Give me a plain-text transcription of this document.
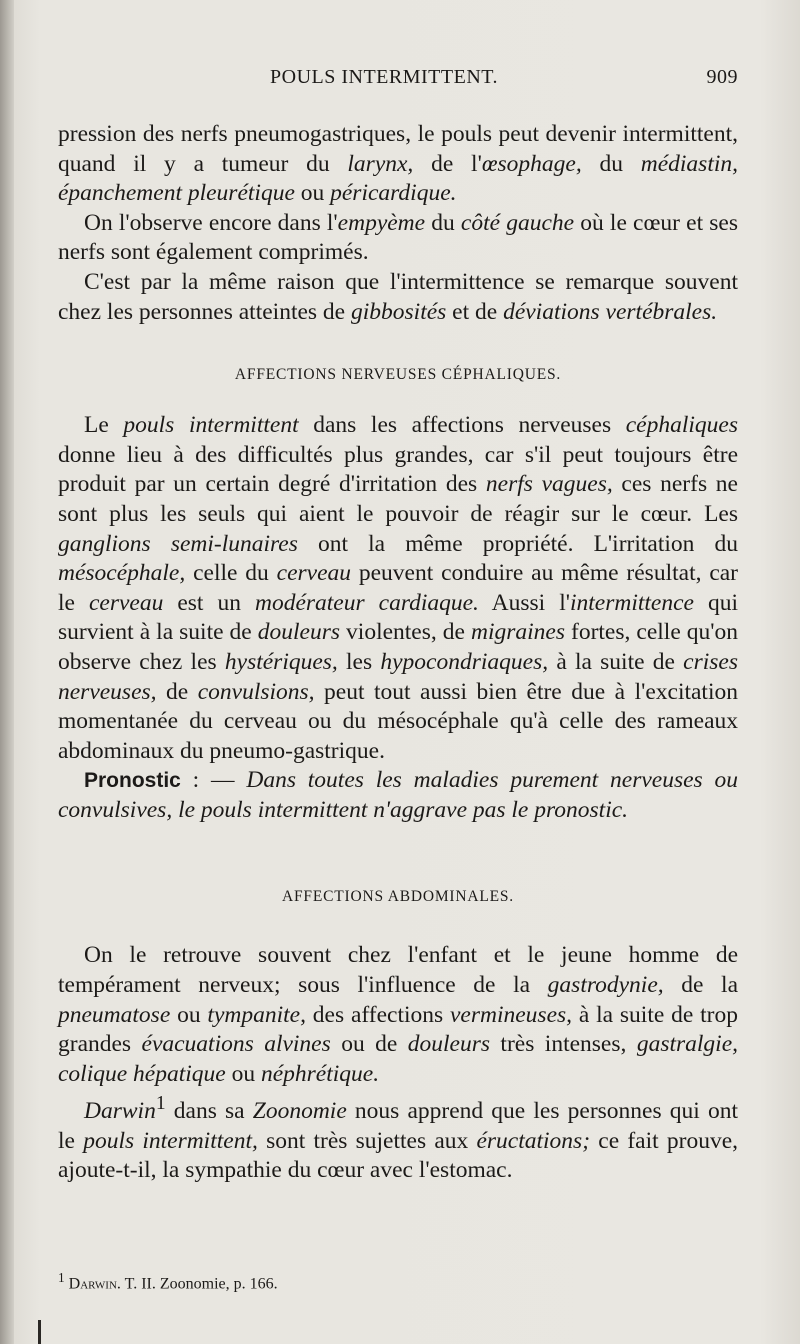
POULS INTERMITTENT.	909

pression des nerfs pneumogastriques, le pouls peut devenir intermittent, quand il y a tumeur du larynx, de l'œsophage, du médiastin, épanchement pleurétique ou péricardique.

On l'observe encore dans l'empyème du côté gauche où le cœur et ses nerfs sont également comprimés.

C'est par la même raison que l'intermittence se remarque souvent chez les personnes atteintes de gibbosités et de déviations vertébrales.

AFFECTIONS NERVEUSES CÉPHALIQUES.

Le pouls intermittent dans les affections nerveuses céphaliques donne lieu à des difficultés plus grandes, car s'il peut toujours être produit par un certain degré d'irritation des nerfs vagues, ces nerfs ne sont plus les seuls qui aient le pouvoir de réagir sur le cœur. Les ganglions semi-lunaires ont la même propriété. L'irritation du mésocéphale, celle du cerveau peuvent conduire au même résultat, car le cerveau est un modérateur cardiaque. Aussi l'intermittence qui survient à la suite de douleurs violentes, de migraines fortes, celle qu'on observe chez les hystériques, les hypocondriaques, à la suite de crises nerveuses, de convulsions, peut tout aussi bien être due à l'excitation momentanée du cerveau ou du mésocéphale qu'à celle des rameaux abdominaux du pneumo-gastrique.

Pronostic : — Dans toutes les maladies purement nerveuses ou convulsives, le pouls intermittent n'aggrave pas le pronostic.

AFFECTIONS ABDOMINALES.

On le retrouve souvent chez l'enfant et le jeune homme de tempérament nerveux; sous l'influence de la gastrodynie, de la pneumatose ou tympanite, des affections vermineuses, à la suite de trop grandes évacuations alvines ou de douleurs très intenses, gastralgie, colique hépatique ou néphrétique.

Darwin$^1$ dans sa Zoonomie nous apprend que les personnes qui ont le pouls intermittent, sont très sujettes aux éructations; ce fait prouve, ajoute-t-il, la sympathie du cœur avec l'estomac.

$^1$ Darwin. T. II. Zoonomie, p. 166.
